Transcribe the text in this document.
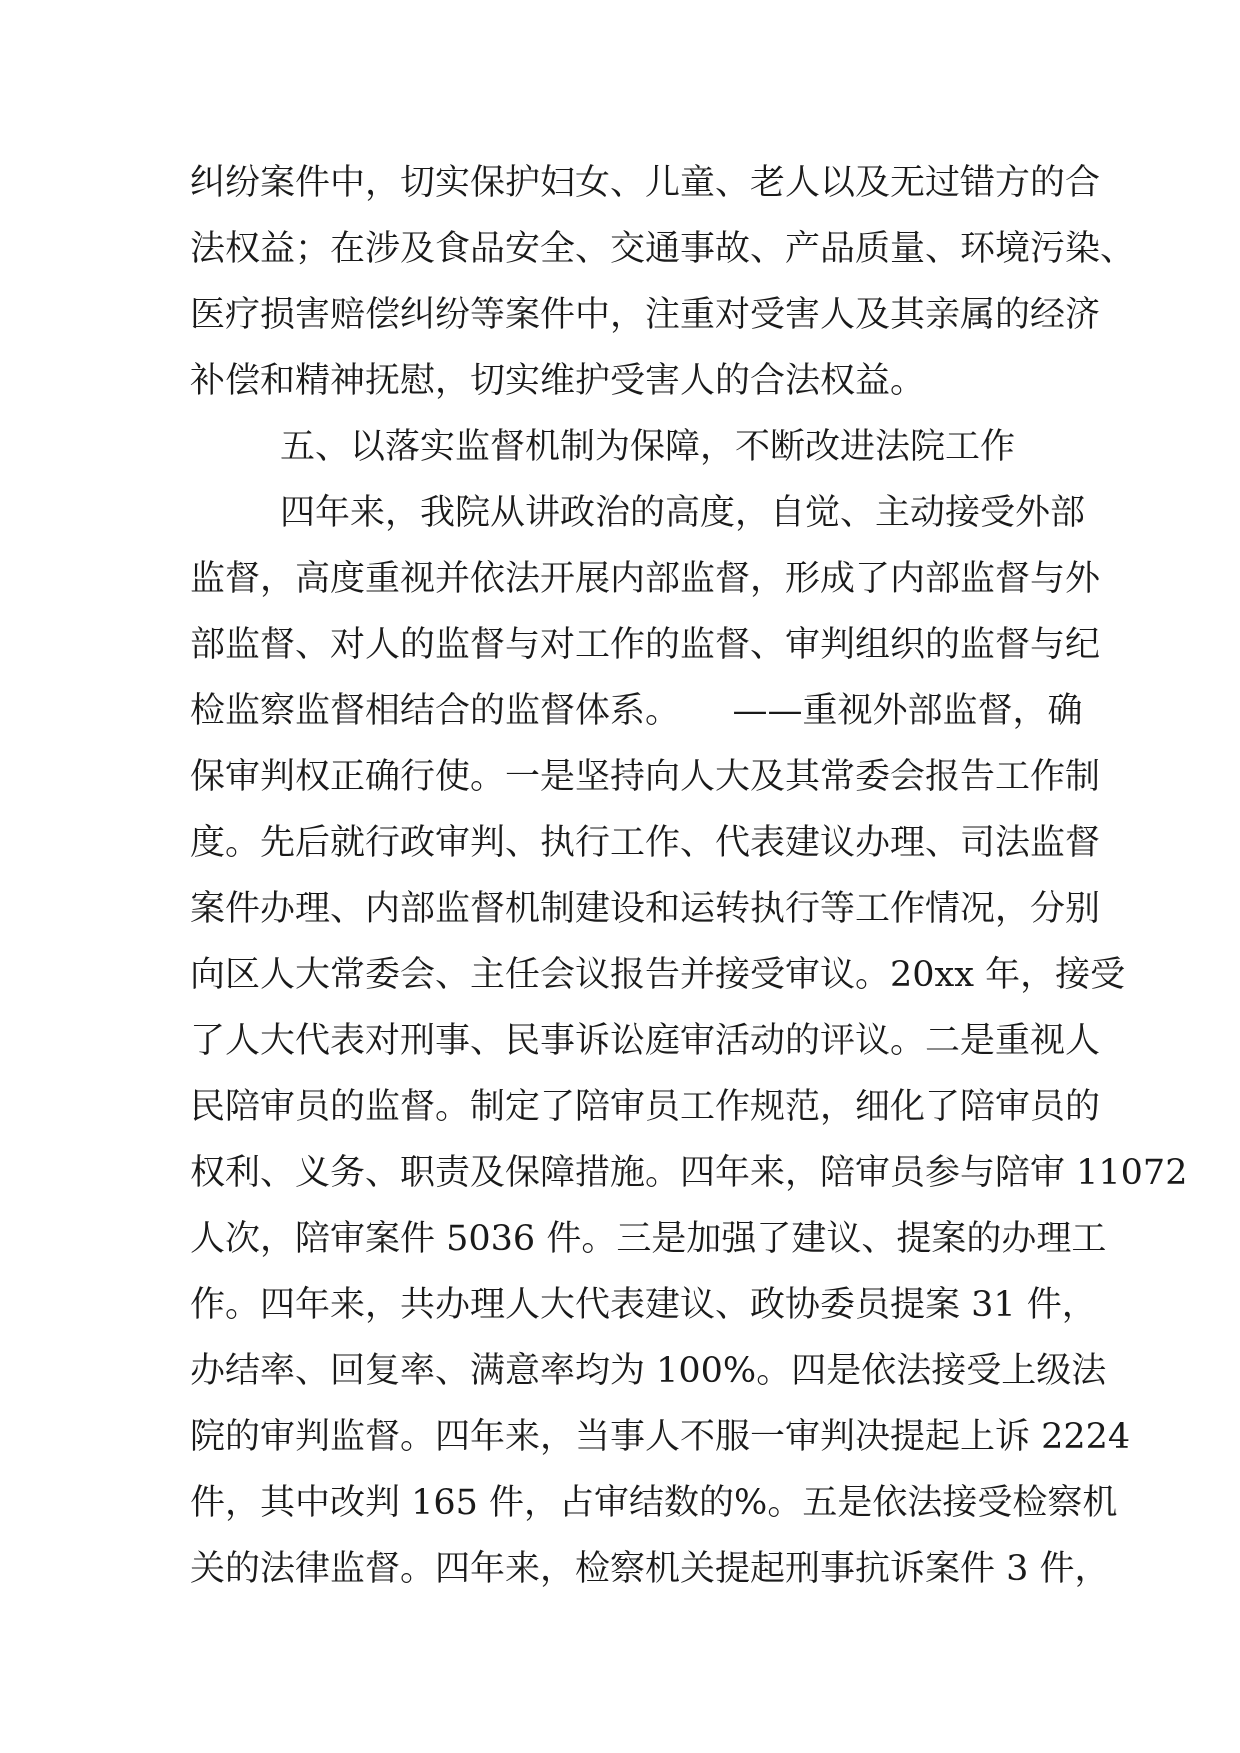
纠纷案件中，切实保护妇女、儿童、老人以及无过错方的合
法权益；在涉及食品安全、交通事故、产品质量、环境污染、
医疗损害赔偿纠纷等案件中，注重对受害人及其亲属的经济
补偿和精神抚慰，切实维护受害人的合法权益。
五、以落实监督机制为保障，不断改进法院工作
四年来，我院从讲政治的高度，自觉、主动接受外部
监督，高度重视并依法开展内部监督，形成了内部监督与外
部监督、对人的监督与对工作的监督、审判组织的监督与纪
检监察监督相结合的监督体系。　　——重视外部监督，确
保审判权正确行使。一是坚持向人大及其常委会报告工作制
度。先后就行政审判、执行工作、代表建议办理、司法监督
案件办理、内部监督机制建设和运转执行等工作情况，分别
向区人大常委会、主任会议报告并接受审议。20xx 年，接受
了人大代表对刑事、民事诉讼庭审活动的评议。二是重视人
民陪审员的监督。制定了陪审员工作规范，细化了陪审员的
权利、义务、职责及保障措施。四年来，陪审员参与陪审 11072
人次，陪审案件 5036 件。三是加强了建议、提案的办理工
作。四年来，共办理人大代表建议、政协委员提案 31 件，
办结率、回复率、满意率均为 100%。四是依法接受上级法
院的审判监督。四年来，当事人不服一审判决提起上诉 2224
件，其中改判 165 件，占审结数的%。五是依法接受检察机
关的法律监督。四年来，检察机关提起刑事抗诉案件 3 件，
